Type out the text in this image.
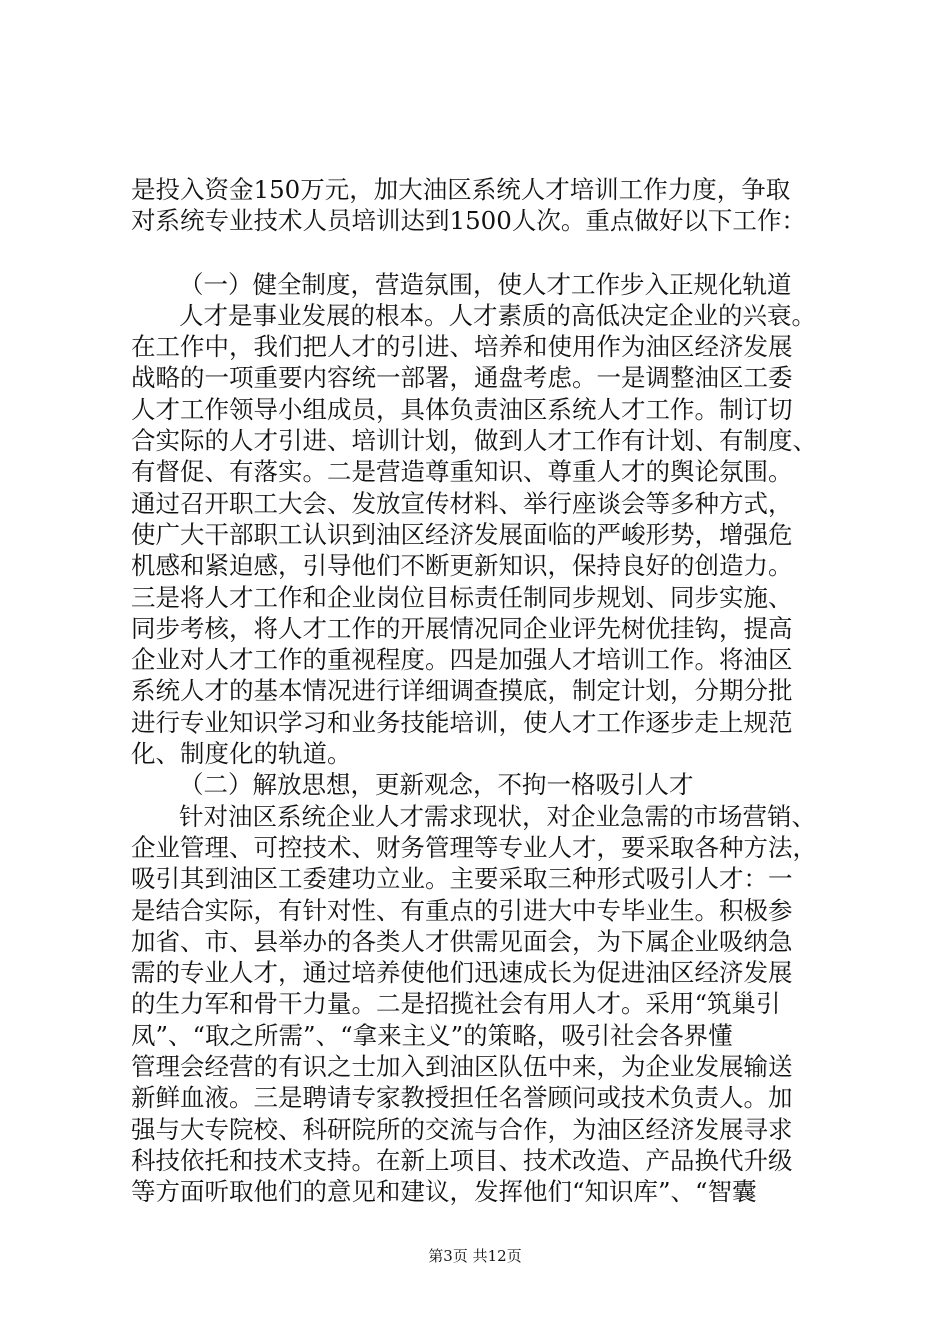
是投入资金150万元，加大油区系统人才培训工作力度，争取
对系统专业技术人员培训达到1500人次。重点做好以下工作：
（一）健全制度，营造氛围，使人才工作步入正规化轨道
人才是事业发展的根本。人才素质的高低决定企业的兴衰。
在工作中，我们把人才的引进、培养和使用作为油区经济发展
战略的一项重要内容统一部署，通盘考虑。一是调整油区工委
人才工作领导小组成员，具体负责油区系统人才工作。制订切
合实际的人才引进、培训计划，做到人才工作有计划、有制度、
有督促、有落实。二是营造尊重知识、尊重人才的舆论氛围。
通过召开职工大会、发放宣传材料、举行座谈会等多种方式，
使广大干部职工认识到油区经济发展面临的严峻形势，增强危
机感和紧迫感，引导他们不断更新知识，保持良好的创造力。
三是将人才工作和企业岗位目标责任制同步规划、同步实施、
同步考核，将人才工作的开展情况同企业评先树优挂钩，提高
企业对人才工作的重视程度。四是加强人才培训工作。将油区
系统人才的基本情况进行详细调查摸底，制定计划，分期分批
进行专业知识学习和业务技能培训，使人才工作逐步走上规范
化、制度化的轨道。
（二）解放思想，更新观念，不拘一格吸引人才
针对油区系统企业人才需求现状，对企业急需的市场营销、
企业管理、可控技术、财务管理等专业人才，要采取各种方法，
吸引其到油区工委建功立业。主要采取三种形式吸引人才：一
是结合实际，有针对性、有重点的引进大中专毕业生。积极参
加省、市、县举办的各类人才供需见面会，为下属企业吸纳急
需的专业人才，通过培养使他们迅速成长为促进油区经济发展
的生力军和骨干力量。二是招揽社会有用人才。采用“筑巢引
凤”、“取之所需”、“拿来主义”的策略，吸引社会各界懂
管理会经营的有识之士加入到油区队伍中来，为企业发展输送
新鲜血液。三是聘请专家教授担任名誉顾问或技术负责人。加
强与大专院校、科研院所的交流与合作，为油区经济发展寻求
科技依托和技术支持。在新上项目、技术改造、产品换代升级
等方面听取他们的意见和建议，发挥他们“知识库”、“智囊
第3页 共12页
